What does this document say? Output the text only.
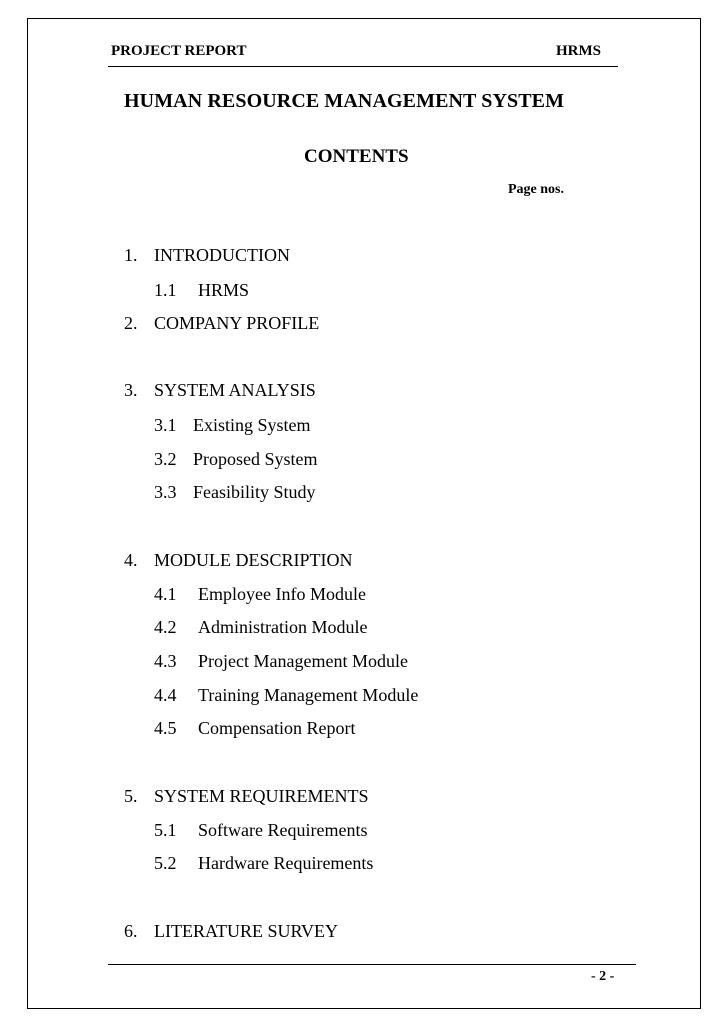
PROJECT REPORT	HRMS
HUMAN RESOURCE MANAGEMENT SYSTEM
CONTENTS
Page nos.
1. INTRODUCTION
1.1 HRMS
2. COMPANY PROFILE
3. SYSTEM ANALYSIS
3.1 Existing System
3.2 Proposed System
3.3 Feasibility Study
4. MODULE DESCRIPTION
4.1 Employee Info Module
4.2 Administration Module
4.3 Project Management Module
4.4 Training Management Module
4.5 Compensation Report
5. SYSTEM REQUIREMENTS
5.1 Software Requirements
5.2 Hardware Requirements
6. LITERATURE SURVEY
- 2 -
